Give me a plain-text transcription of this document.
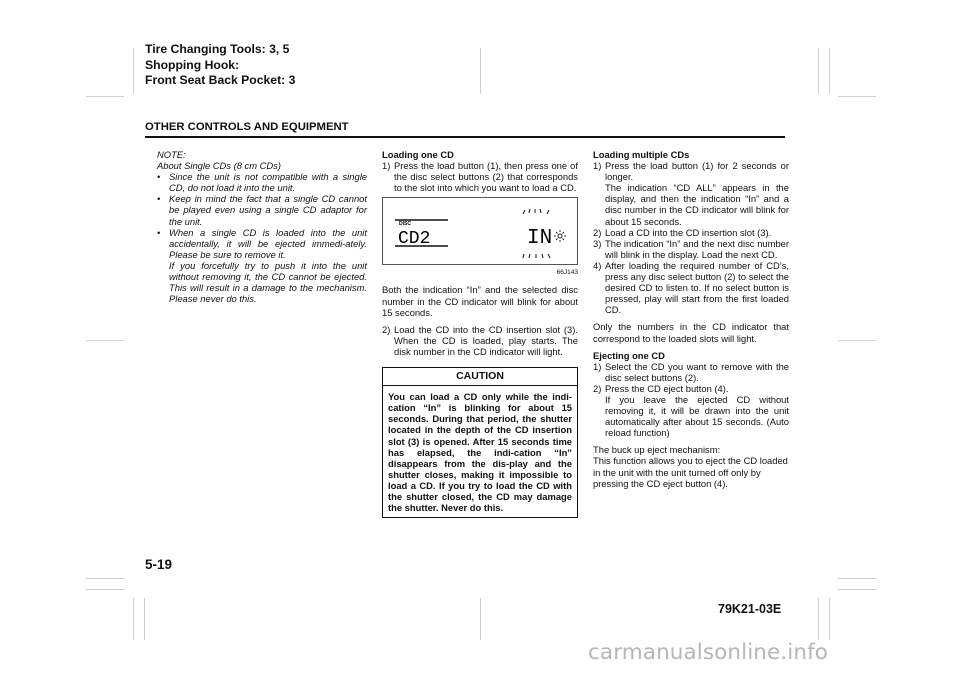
Tire Changing Tools: 3, 5
Shopping Hook:
Front Seat Back Pocket: 3
OTHER CONTROLS AND EQUIPMENT
NOTE:
About Single CDs (8 cm CDs)
• Since the unit is not compatible with a single CD, do not load it into the unit.
• Keep in mind the fact that a single CD cannot be played even using a single CD adaptor for the unit.
• When a single CD is loaded into the unit accidentally, it will be ejected immedi-ately. Please be sure to remove it.
If you forcefully try to push it into the unit without removing it, the CD cannot be ejected. This will result in a damage to the mechanism. Please never do this.
Loading one CD
1) Press the load button (1), then press one of the disc select buttons (2) that corresponds to the slot into which you want to load a CD.
DISC
CD2	IN
66J143

Both the indication “In” and the selected disc number in the CD indicator will blink for about 15 seconds.

2) Load the CD into the CD insertion slot (3). When the CD is loaded, play starts. The disk number in the CD indicator will light.
CAUTION
You can load a CD only while the indi-cation “In” is blinking for about 15 seconds. During that period, the shutter located in the depth of the CD insertion slot (3) is opened. After 15 seconds time has elapsed, the indi-cation “In” disappears from the dis-play and the shutter closes, making it impossible to load a CD. If you try to load the CD with the shutter closed, the CD may damage the shutter. Never do this.
Loading multiple CDs
1) Press the load button (1) for 2 seconds or longer.
The indication “CD ALL” appears in the display, and then the indication “In” and a disc number in the CD indicator will blink for about 15 seconds.
2) Load a CD into the CD insertion slot (3).
3) The indication “In” and the next disc number will blink in the display. Load the next CD.
4) After loading the required number of CD’s, press any disc select button (2) to select the desired CD to listen to. If no select button is pressed, play will start from the first loaded CD.

Only the numbers in the CD indicator that correspond to the loaded slots will light.

Ejecting one CD
1) Select the CD you want to remove with the disc select buttons (2).
2) Press the CD eject button (4).
If you leave the ejected CD without removing it, it will be drawn into the unit automatically after about 15 seconds. (Auto reload function)

The buck up eject mechanism:
This function allows you to eject the CD loaded in the unit with the unit turned off only by pressing the CD eject button (4).

5-19
79K21-03E
carmanualsonline.info
